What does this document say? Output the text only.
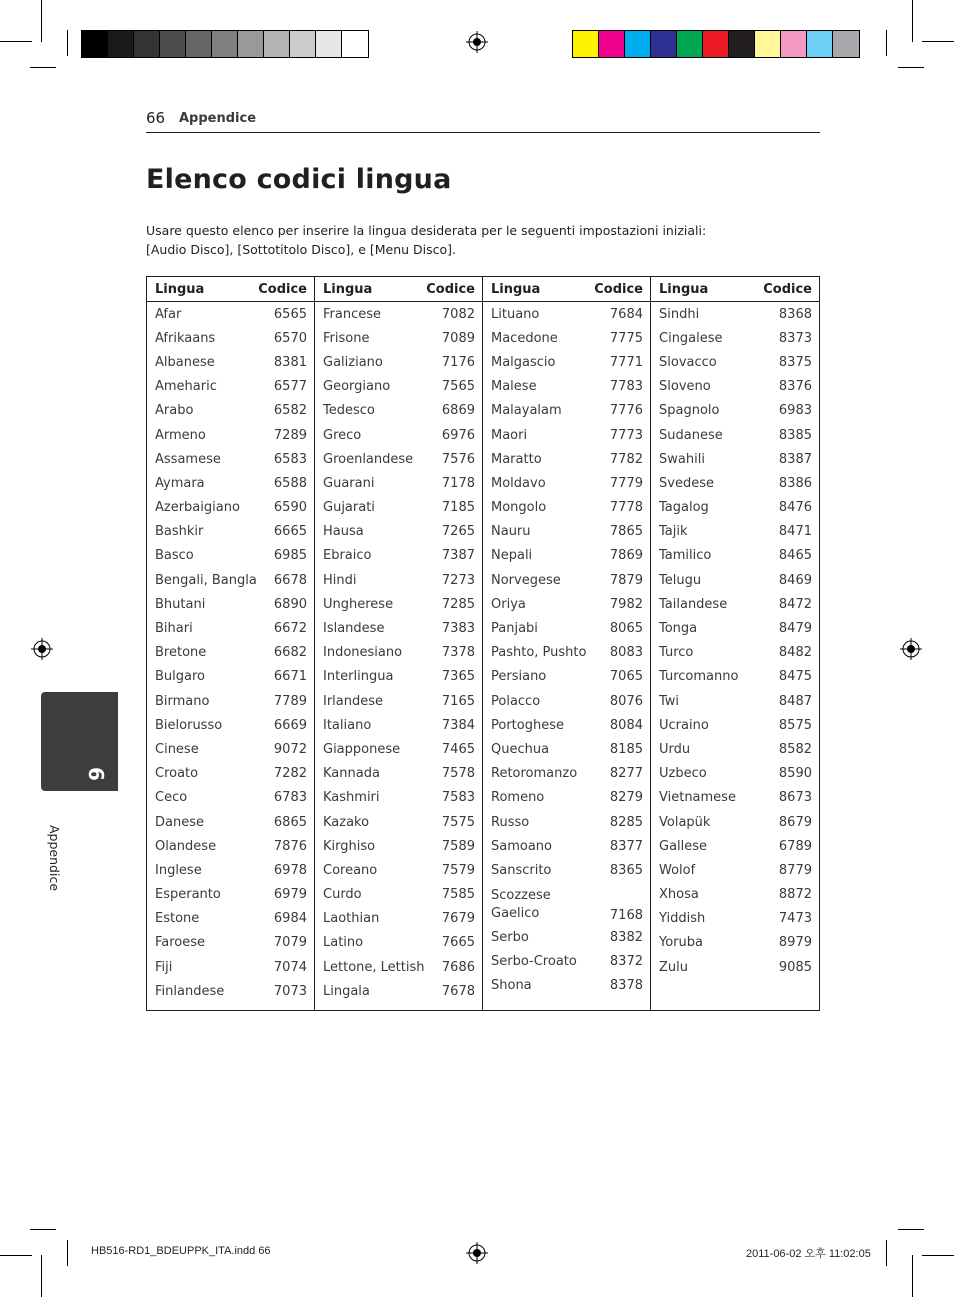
66 Appendice
Elenco codici lingua
Usare questo elenco per inserire la lingua desiderata per le seguenti impostazioni iniziali:
[Audio Disco], [Sottotitolo Disco], e [Menu Disco].
6
Appendice
Lingua	Codice
Afar	6565
Afrikaans	6570
Albanese	8381
Ameharic	6577
Arabo	6582
Armeno	7289
Assamese	6583
Aymara	6588
Azerbaigiano	6590
Bashkir	6665
Basco	6985
Bengali, Bangla 6678
Bhutani	6890
Bihari	6672
Bretone	6682
Bulgaro	6671
Birmano	7789
Bielorusso	6669
Cinese	9072
Croato	7282
Ceco	6783
Danese	6865
Olandese	7876
Inglese	6978
Esperanto	6979
Estone	6984
Faroese	7079
Fiji	7074
Finlandese	7073
Lingua	Codice
Francese	7082
Frisone	7089
Galiziano	7176
Georgiano	7565
Tedesco	6869
Greco	6976
Groenlandese 7576
Guarani	7178
Gujarati	7185
Hausa	7265
Ebraico	7387
Hindi	7273
Ungherese	7285
Islandese	7383
Indonesiano	7378
Interlingua	7365
Irlandese	7165
Italiano	7384
Giapponese	7465
Kannada	7578
Kashmiri	7583
Kazako	7575
Kirghiso	7589
Coreano	7579
Curdo	7585
Laothian	7679
Latino	7665
Lettone, Lettish 7686
Lingala	7678
Lingua	Codice
Lituano	7684
Macedone	7775
Malgascio	7771
Malese	7783
Malayalam	7776
Maori	7773
Maratto	7782
Moldavo	7779
Mongolo	7778
Nauru	7865
Nepali	7869
Norvegese	7879
Oriya	7982
Panjabi	8065
Pashto, Pushto 8083
Persiano	7065
Polacco	8076
Portoghese	8084
Quechua	8185
Retoromanzo	8277
Romeno	8279
Russo	8285
Samoano	8377
Sanscrito	8365
Scozzese Gaelico	7168
Serbo	8382
Serbo-Croato	8372
Shona	8378
Lingua	Codice
Sindhi	8368
Cingalese	8373
Slovacco	8375
Sloveno	8376
Spagnolo	6983
Sudanese	8385
Swahili	8387
Svedese	8386
Tagalog	8476
Tajik	8471
Tamilico	8465
Telugu	8469
Tailandese	8472
Tonga	8479
Turco	8482
Turcomanno	8475
Twi	8487
Ucraino	8575
Urdu	8582
Uzbeco	8590
Vietnamese	8673
Volapük	8679
Gallese	6789
Wolof	8779
Xhosa	8872
Yiddish	7473
Yoruba	8979
Zulu	9085
HB516-RD1_BDEUPPK_ITA.indd 66	2011-06-02 오후 11:02:05
